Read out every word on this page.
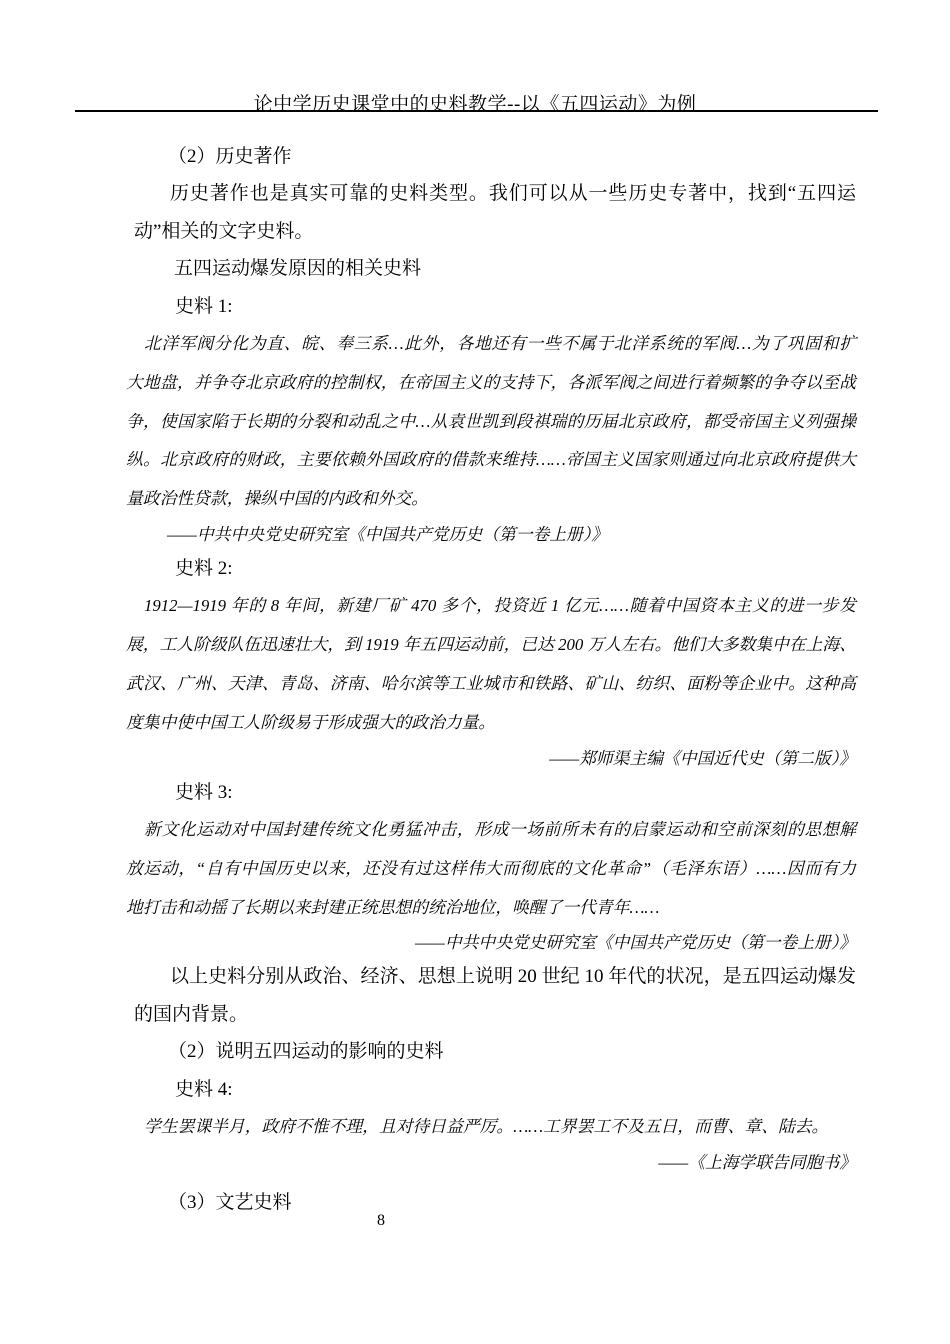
论中学历史课堂中的史料教学--以《五四运动》为例
（2）历史著作
历史著作也是真实可靠的史料类型。我们可以从一些历史专著中，找到“五四运
动”相关的文字史料。
五四运动爆发原因的相关史料
史料 1:
北洋军阀分化为直、皖、奉三系…此外，各地还有一些不属于北洋系统的军阀…为了巩固和扩
大地盘，并争夺北京政府的控制权，在帝国主义的支持下，各派军阀之间进行着频繁的争夺以至战
争，使国家陷于长期的分裂和动乱之中…从袁世凯到段祺瑞的历届北京政府，都受帝国主义列强操
纵。北京政府的财政，主要依赖外国政府的借款来维持……帝国主义国家则通过向北京政府提供大
量政治性贷款，操纵中国的内政和外交。
——中共中央党史研究室《中国共产党历史（第一卷上册）》
史料 2:
1912—1919 年的 8 年间，新建厂矿 470 多个，投资近 1 亿元……随着中国资本主义的进一步发
展，工人阶级队伍迅速壮大，到 1919 年五四运动前，已达 200 万人左右。他们大多数集中在上海、
武汉、广州、天津、青岛、济南、哈尔滨等工业城市和铁路、矿山、纺织、面粉等企业中。这种高
度集中使中国工人阶级易于形成强大的政治力量。
——郑师渠主编《中国近代史（第二版）》
史料 3:
新文化运动对中国封建传统文化勇猛冲击，形成一场前所未有的启蒙运动和空前深刻的思想解
放运动，“自有中国历史以来，还没有过这样伟大而彻底的文化革命”（毛泽东语）……因而有力
地打击和动摇了长期以来封建正统思想的统治地位，唤醒了一代青年……
——中共中央党史研究室《中国共产党历史（第一卷上册）》
以上史料分别从政治、经济、思想上说明 20 世纪 10 年代的状况，是五四运动爆发
的国内背景。
（2）说明五四运动的影响的史料
史料 4:
学生罢课半月，政府不惟不理，且对待日益严厉。……工界罢工不及五日，而曹、章、陆去。
——《上海学联告同胞书》
（3）文艺史料
8
